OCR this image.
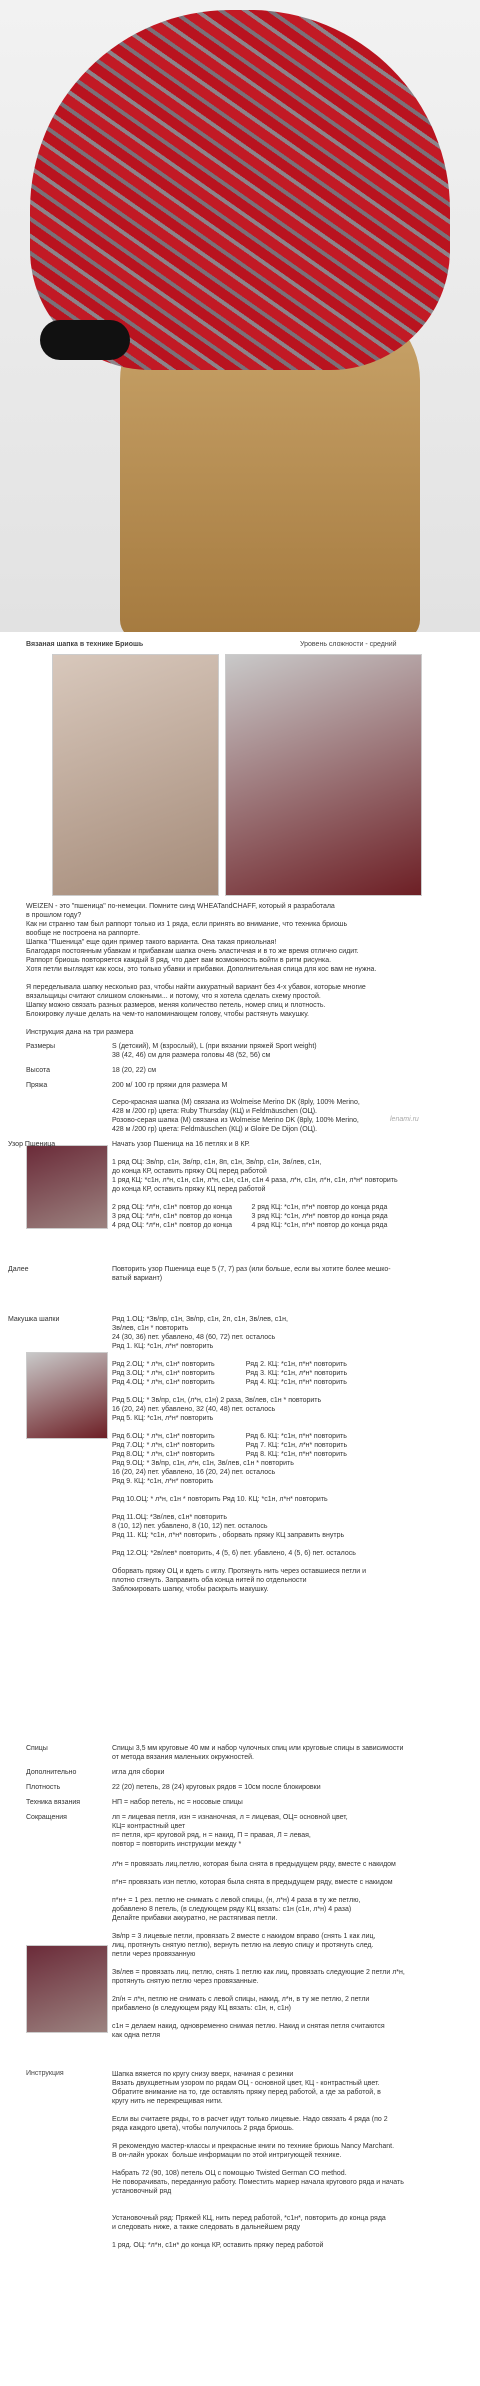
Вязаная шапка в технике Бриошь	Уровень сложности - средний
WEIZEN - это "пшеница" по-немецки. Помните синд WHEATandCHAFF, который я разработала
в прошлом году?
Как ни странно там был раппорт только из 1 ряда, если принять во внимание, что техника бриошь
вообще не построена на раппорте.
Шапка "Пшеница" еще один пример такого варианта. Она такая прикольная!
Благодаря постоянным убавкам и прибавкам шапка очень эластичная и в то же время отлично сидит.
Раппорт бриошь повторяется каждый 8 ряд, что дает вам возможность войти в ритм рисунка.
Хотя петли выглядят как косы, это только убавки и прибавки. Дополнительная спица для кос вам не нужна.

Я переделывала шапку несколько раз, чтобы найти аккуратный вариант без 4-х убавок, которые многие
вязальщицы считают слишком сложными... и потому, что я хотела сделать схему простой.
Шапку можно связать разных размеров, меняя количество петель, номер спиц и плотность.
Блокировку лучше делать на чем-то напоминающем голову, чтобы растянуть макушку.
Инструкция дана на три размера
Размеры	S (детский), M (взрослый), L (при вязании пряжей Sport weight)
38 (42, 46) см для размера головы 48 (52, 56) см
Высота	18 (20, 22) см
Пряжа	200 м/ 100 гр пряжи для размера M
Серо-красная шапка (М) связана из Wolmeise Merino DK (8ply, 100% Merino,
428 м /200 гр) цвета: Ruby Thursday (КЦ) и Feldmäuschen (ОЦ).
Розово-серая шапка (М) связана из Wolmeise Merino DK (8ply, 100% Merino,
428 м /200 гр) цвета: Feldmäuschen (КЦ) и Gloire De Dijon (ОЦ).
lenami.ru
Узор Пшеница	Начать узор Пшеница на 16 петлях и 8 КР.

1 ряд ОЦ: Зв/пр, с1н, Зв/пр, с1н, 8п, с1н, Зв/пр, с1н, Зв/лев, с1н,
до конца КР, оставить пряжу ОЦ перед работой
1 ряд КЦ: *с1н, л*н, с1н, с1н, л*н, с1н, с1н, с1н 4 раза, л*н, с1н, л*н, с1н, л*н* повторить
до конца КР, оставить пряжу КЦ перед работой

2 ряд ОЦ: *л*н, с1н* повтор до конца          2 ряд КЦ: *с1н, п*н* повтор до конца ряда
3 ряд ОЦ: *л*н, с1н* повтор до конца          3 ряд КЦ: *с1н, л*н* повтор до конца ряда
4 ряд ОЦ: *л*н, с1н* повтор до конца          4 ряд КЦ: *с1н, п*н* повтор до конца ряда
Далее	Повторить узор Пшеница еще 5 (7, 7) раз (или больше, если вы хотите более мешко-
ватый вариант)
Макушка шапки	Ряд 1.ОЦ: *Зв/пр, с1н, Зв/пр, с1н, 2п, с1н, Зв/лев, с1н,
Зв/лев, с1н * повторить
24 (30, 36) пет. убавлено, 48 (60, 72) пет. осталось
Ряд 1. КЦ: *с1н, л*н* повторить

Ряд 2.ОЦ: * л*н, с1н* повторить                Ряд 2. КЦ: *с1н, п*н* повторить
Ряд 3.ОЦ: * л*н, с1н* повторить                Ряд 3. КЦ: *с1н, л*н* повторить
Ряд 4.ОЦ: * л*н, с1н* повторить                Ряд 4. КЦ: *с1н, п*н* повторить

Ряд 5.ОЦ: * Зв/пр, с1н, (л*н, с1н) 2 раза, Зв/лев, с1н * повторить
16 (20, 24) пет. убавлено, 32 (40, 48) пет. осталось
Ряд 5. КЦ: *с1н, л*н* повторить

Ряд 6.ОЦ: * л*н, с1н* повторить                Ряд 6. КЦ: *с1н, п*н* повторить
Ряд 7.ОЦ: * л*н, с1н* повторить                Ряд 7. КЦ: *с1н, л*н* повторить
Ряд 8.ОЦ: * л*н, с1н* повторить                Ряд 8. КЦ: *с1н, п*н* повторить
Ряд 9.ОЦ: * Зв/пр, с1н, л*н, с1н, Зв/лев, с1н * повторить
16 (20, 24) пет. убавлено, 16 (20, 24) пет. осталось
Ряд 9. КЦ: *с1н, л*н* повторить

Ряд 10.ОЦ: * л*н, с1н * повторить Ряд 10. КЦ: *с1н, л*н* повторить

Ряд 11.ОЦ: *Зв/лев, с1н* повторить
8 (10, 12) пет. убавлено, 8 (10, 12) пет. осталось
Ряд 11. КЦ: *с1н, л*н* повторить , оборвать пряжу КЦ заправить внутрь

Ряд 12.ОЦ: *2в/лев* повторить, 4 (5, 6) пет. убавлено, 4 (5, 6) пет. осталось

Оборвать пряжу ОЦ и вдеть с иглу. Протянуть нить через оставшиеся петли и
плотно стянуть. Заправить оба конца нитей по отдельности
Заблокировать шапку, чтобы раскрыть макушку.
Спицы	Спицы 3,5 мм круговые 40 мм и набор чулочных спиц или круговые спицы в зависимости
от метода вязания маленьких окружностей.
Дополнительно	игла для сборки
Плотность	22 (20) петель, 28 (24) круговых рядов = 10см после блокировки
Техника вязания	НП = набор петель, нс = носовые спицы
Сокращения	лп = лицевая петля, изн = изнаночная, л = лицевая, ОЦ= основной цвет,
КЦ= контрастный цвет
п= петля, кр= круговой ряд, н = накид, П = правая, Л = левая,
повтор = повторить инструкции между *
л*н = провязать лиц.петлю, которая была снята в предыдущем ряду, вместе с накидом

п*н= провязать изн петлю, которая была снята в предыдущем ряду, вместе с накидом

п*н+ = 1 рез. петлю не снимать с левой спицы, (н, л*н) 4 раза в ту же петлю,
добавлено 8 петель, (в следующем ряду КЦ вязать: с1н (с1н, л*н) 4 раза)
Делайте прибавки аккуратно, не растягивая петли.

Зв/пр = 3 лицевые петли, провязать 2 вместе с накидом вправо (снять 1 как лиц,
лиц, протянуть снятую петлю), вернуть петлю на левую спицу и протянуть след.
петли через провязанную

Зв/лев = провязать лиц. петлю, снять 1 петлю как лиц, провязать следующие 2 петли л*н,
протянуть снятую петлю через провязанные.

2п/н = л*н, петлю не снимать с левой спицы, накид, л*н, в ту же петлю, 2 петли
прибавлено (в следующем ряду КЦ вязать: с1н, н, с1н)

с1н = делаем накид, одновременно снимая петлю. Накид и снятая петля считаются
как одна петля
Инструкция	Шапка вяжется по кругу снизу вверх, начиная с резинки
Вязать двухцветным узором по рядам ОЦ - основной цвет, КЦ - контрастный цвет.
Обратите внимание на то, где оставлять пряжу перед работой, а где за работой, в
кругу нить не перекрещивая нити.

Если вы считаете ряды, то в расчет идут только лицевые. Надо связать 4 ряда (по 2
ряда каждого цвета), чтобы получилось 2 ряда бриошь.

Я рекомендую мастер-классы и прекрасные книги по технике бриошь Nancy Marchant.
В он-лайн уроках  больше информации по этой интригующей технике.

Набрать 72 (90, 108) петель ОЦ с помощью Twisted German CO method.
Не поворачивать, переданную работу. Поместить маркер начала кругового ряда и начать
установочный ряд

Установочный ряд: Пряжей КЦ, нить перед работой, *с1н*, повторить до конца ряда
и следовать ниже, а также следовать в дальнейшем ряду

1 ряд. ОЦ: *л*н, с1н* до конца КР, оставить пряжу перед работой
